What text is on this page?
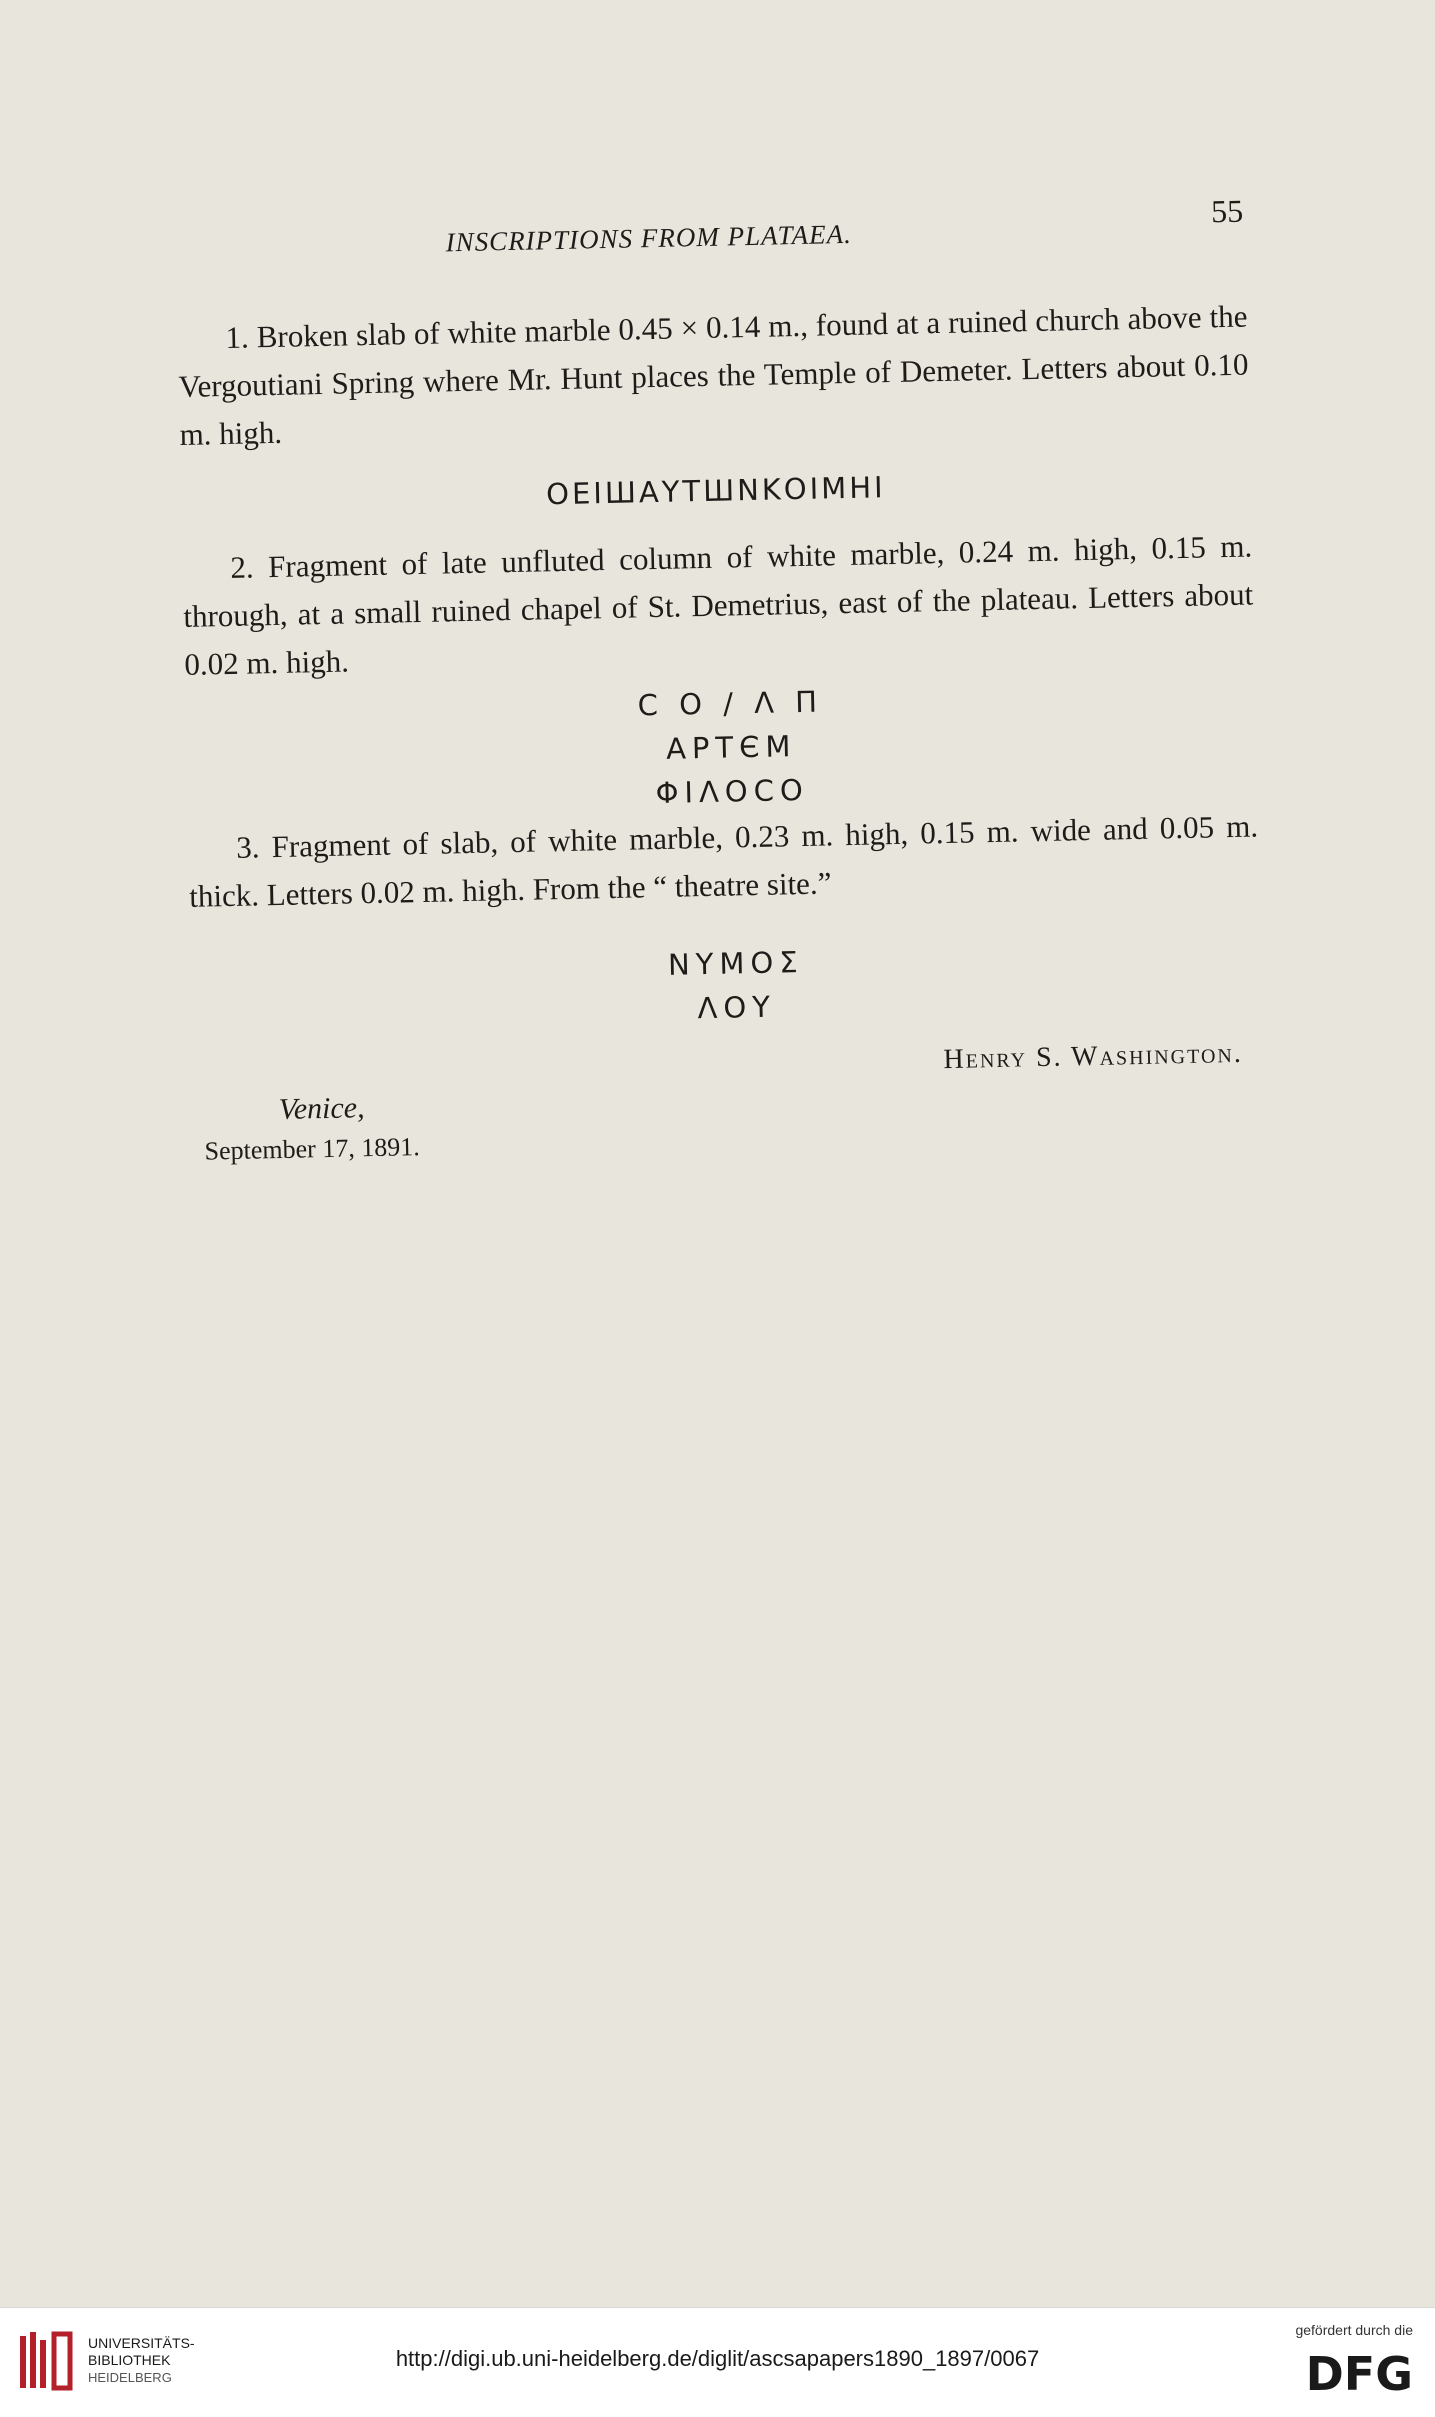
INSCRIPTIONS FROM PLATAEA.
55

1. Broken slab of white marble 0.45 × 0.14 m., found at a ruined church above the Vergoutiani Spring where Mr. Hunt places the Temple of Demeter. Letters about 0.10 m. high.

OΕΙШΑΥΤШΝΚΟΙΜΗΙ

2. Fragment of late unfluted column of white marble, 0.24 m. high, 0.15 m. through, at a small ruined chapel of St. Demetrius, east of the plateau. Letters about 0.02 m. high.

C O / Λ Π
ΑΡΤЄΜ
ΦΙΛΟϹΟ

3. Fragment of slab, of white marble, 0.23 m. high, 0.15 m. wide and 0.05 m. thick. Letters 0.02 m. high. From the “ theatre site.”

ΝΥΜΟΣ
ΛΟΥ
Henry S. Washington.
Venice,
September 17, 1891.
UNIVERSITÄTS-
BIBLIOTHEK
HEIDELBERG
http://digi.ub.uni-heidelberg.de/diglit/ascsapapers1890_1897/0067
gefördert durch die
DFG
